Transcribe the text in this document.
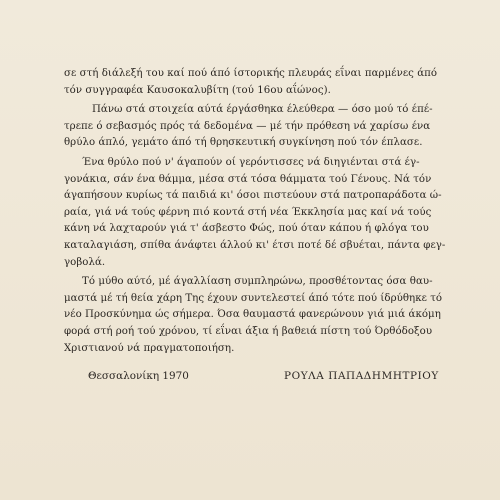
σε στή διάλεξή του καί πού άπό ίστορικής πλευράς εΐναι παρμένες άπό
τόν συγγραφέα Καυσοκαλυβίτη (τού 16ου αΐώνος).
Πάνω στά στοιχεία αύτά έργάσθηκα έλεύθερα — όσο μού τό έπέ-
τρεπε ό σεβασμός πρός τά δεδομένα — μέ τήν πρόθεση νά χαρίσω ένα
θρύλο άπλό, γεμάτο άπό τή θρησκευτική συγκίνηση πού τόν έπλασε.
Ένα θρύλο πού ν' άγαπούν οί γερόντισσες νά διηγιένται στά έγ-
γονάκια, σάν ένα θάμμα, μέσα στά τόσα θάμματα τού Γένους. Νά τόν
άγαπήσουν κυρίως τά παιδιά κι' όσοι πιστεύουν στά πατροπαράδοτα ώ-
ραία, γιά νά τούς φέρνη πιό κοντά στή νέα Έκκλησία μας καί νά τούς
κάνη νά λαχταρούν γιά τ' άσβεστο Φώς, πού όταν κάπου ή φλόγα του
καταλαγιάση, σπίθα άνάφτει άλλού κι' έτσι ποτέ δέ σβυέται, πάντα φεγ-
γοβολά.
Τό μύθο αύτό, μέ άγαλλίαση συμπληρώνω, προσθέτοντας όσα θαυ-
μαστά μέ τή θεία χάρη Της έχουν συντελεστεί άπό τότε πού ίδρύθηκε τό
νέο Προσκύνημα ώς σήμερα. Όσα θαυμαστά φανερώνουν γιά μιά άκόμη
φορά στή ροή τού χρόνου, τί εΐναι άξια ή βαθειά πίστη τού Όρθόδοξου
Χριστιανού νά πραγματοποιήση.
Θεσσαλονίκη 1970	ΡΟΥΛΑ ΠΑΠΑΔΗΜΗΤΡΙΟΥ
